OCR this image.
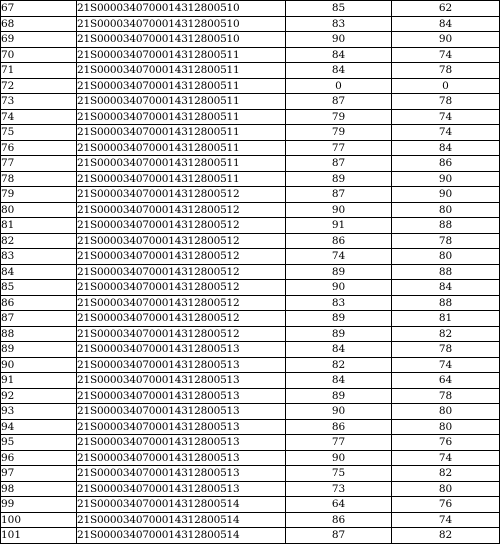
67	21S0000340700014312800510	85	62
68	21S0000340700014312800510	83	84
69	21S0000340700014312800510	90	90
70	21S0000340700014312800511	84	74
71	21S0000340700014312800511	84	78
72	21S0000340700014312800511	0	0
73	21S0000340700014312800511	87	78
74	21S0000340700014312800511	79	74
75	21S0000340700014312800511	79	74
76	21S0000340700014312800511	77	84
77	21S0000340700014312800511	87	86
78	21S0000340700014312800511	89	90
79	21S0000340700014312800512	87	90
80	21S0000340700014312800512	90	80
81	21S0000340700014312800512	91	88
82	21S0000340700014312800512	86	78
83	21S0000340700014312800512	74	80
84	21S0000340700014312800512	89	88
85	21S0000340700014312800512	90	84
86	21S0000340700014312800512	83	88
87	21S0000340700014312800512	89	81
88	21S0000340700014312800512	89	82
89	21S0000340700014312800513	84	78
90	21S0000340700014312800513	82	74
91	21S0000340700014312800513	84	64
92	21S0000340700014312800513	89	78
93	21S0000340700014312800513	90	80
94	21S0000340700014312800513	86	80
95	21S0000340700014312800513	77	76
96	21S0000340700014312800513	90	74
97	21S0000340700014312800513	75	82
98	21S0000340700014312800513	73	80
99	21S0000340700014312800514	64	76
100	21S0000340700014312800514	86	74
101	21S0000340700014312800514	87	82
